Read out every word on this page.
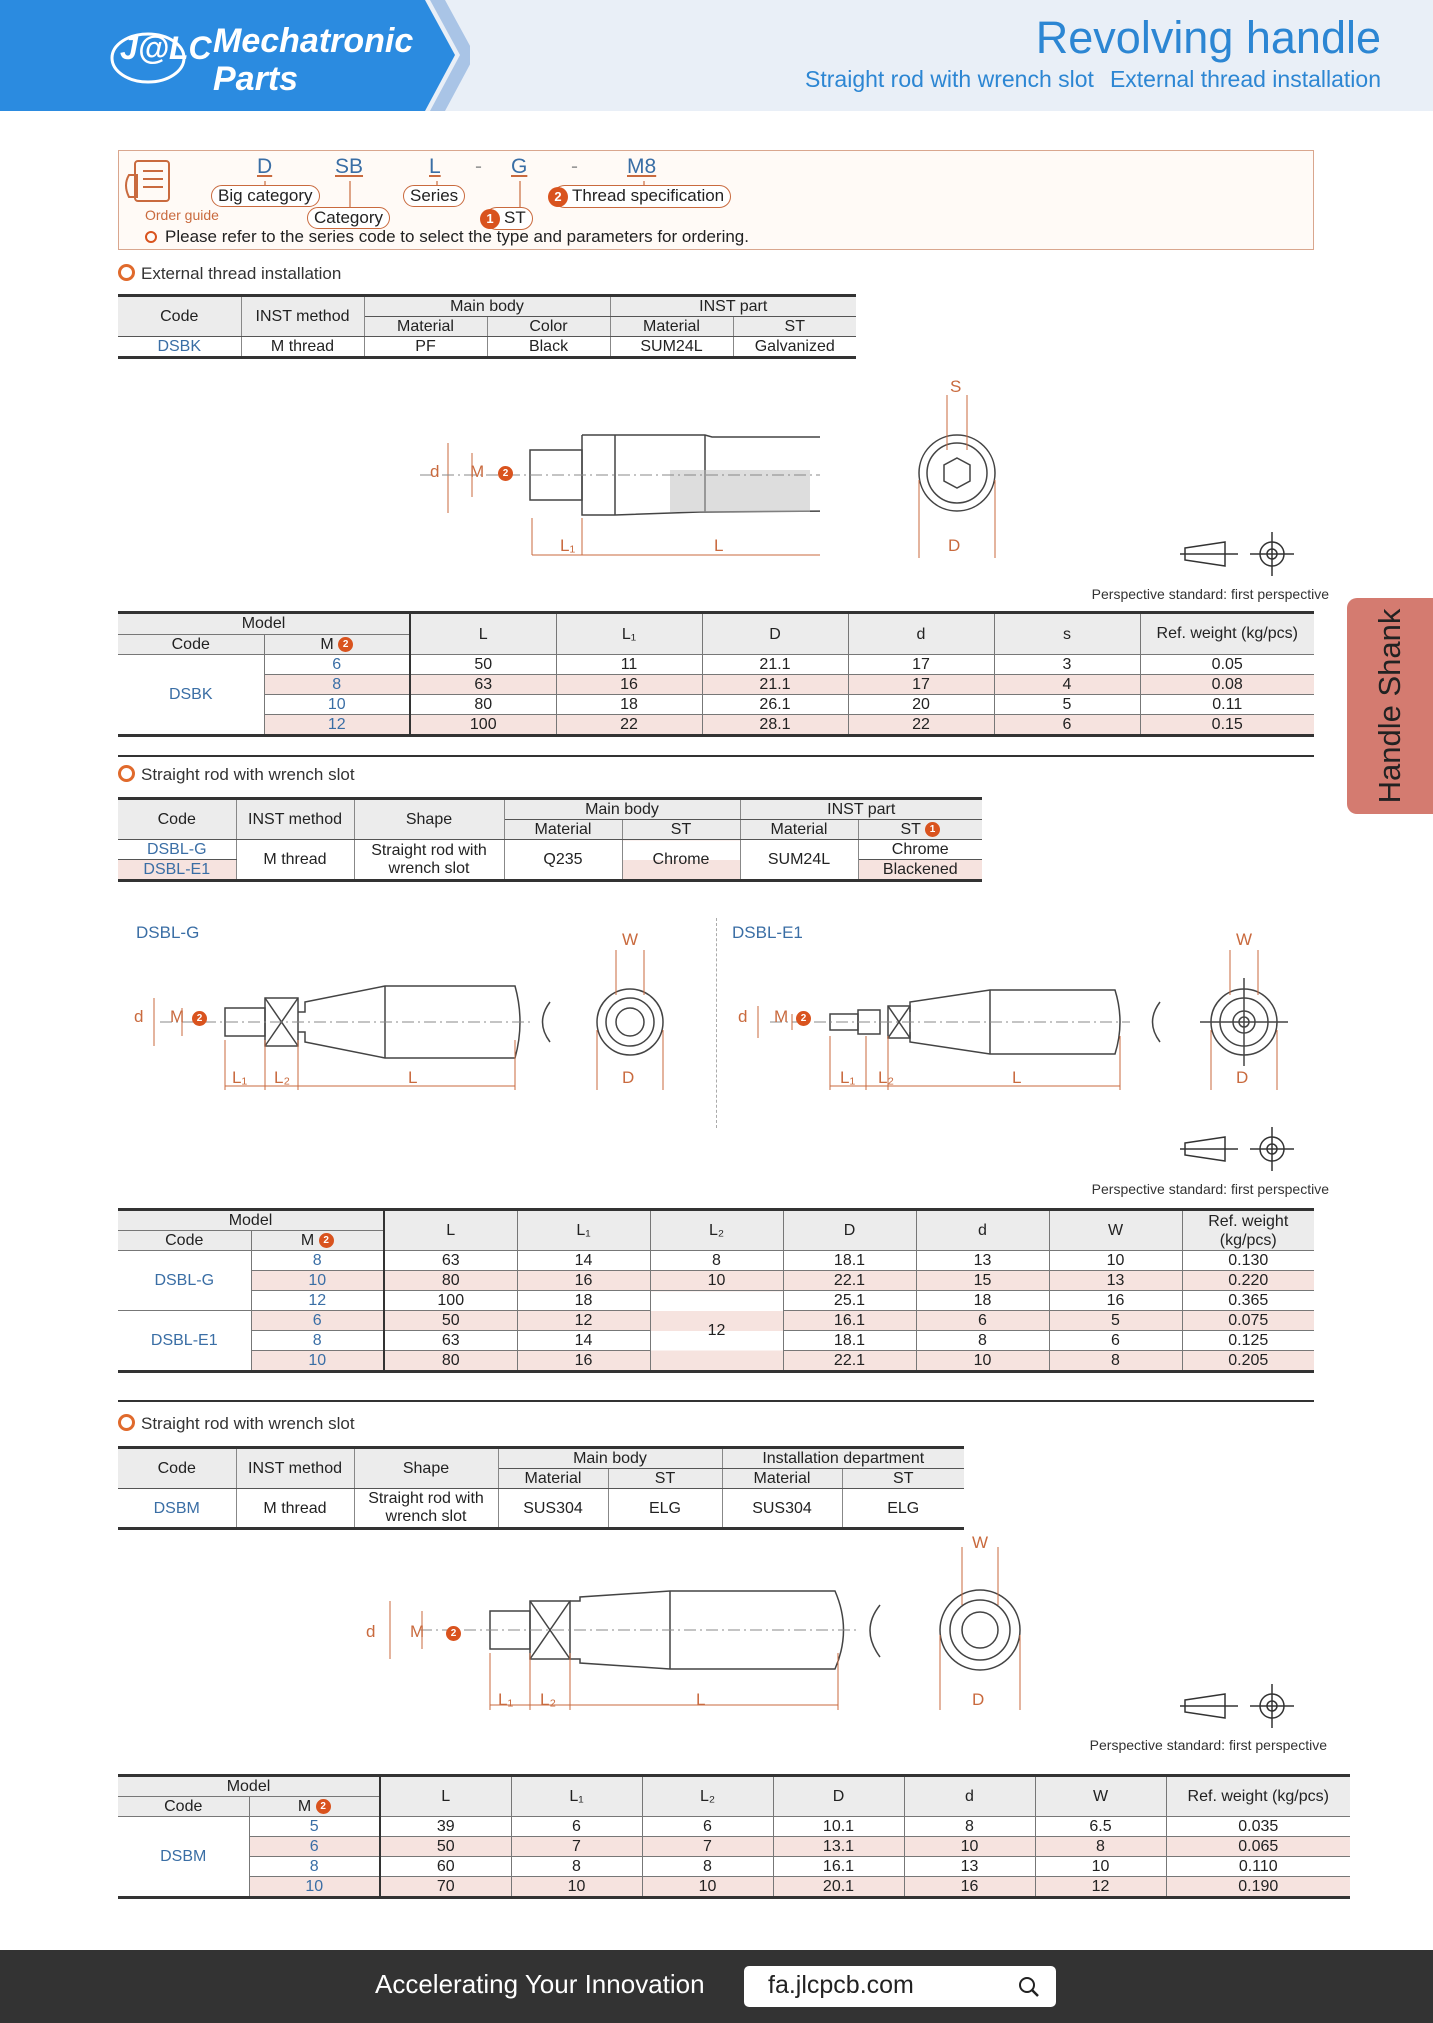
J@LC Mechatronic
Parts
Revolving handle
Straight rod with wrench slot External thread installation
Order guide
D	SB	L - G - M8
Big category
Category
Series
1 ST
2 Thread specification
Please refer to the series code to select the type and parameters for ordering.
Handle Shank
External thread installation
Code	INST method	Main body		INST part	
		Material	Color	Material	ST
DSBK	M thread	PF	Black	SUM24L	Galvanized
d M	2
L₁	L
S
D
Perspective standard: first perspective
Model		L	L₁	D	d	s	Ref. weight (kg/pcs)
Code	M 2						
DSBK	6	50	11	21.1	17	3	0.05
	8	63	16	21.1	17	4	0.08
	10	80	18	26.1	20	5	0.11
	12	100	22	28.1	22	6	0.15
Straight rod with wrench slot
Code	INST method	Shape	Main body		INST part	
			Material	ST	Material	ST 1
DSBL-G	M thread	Straight rod with wrench slot	Q235	Chrome	SUM24L	Chrome
DSBL-E1						Blackened
DSBL-G	DSBL-E1
d M	2
L₁ L₂	L
W
D
d M	2
L₁ L₂	L
W
D
Perspective standard: first perspective
Model		L	L₁	L₂	D	d	W	Ref. weight (kg/pcs)
Code	M 2							
DSBL-G	8	63	14	8	18.1	13	10	0.130
	10	80	16	10	22.1	15	13	0.220
	12	100	18	12	25.1	18	16	0.365
DSBL-E1	6	50	12		16.1	6	5	0.075
	8	63	14		18.1	8	6	0.125
	10	80	16		22.1	10	8	0.205
Straight rod with wrench slot
Code	INST method	Shape	Main body		Installation department	
			Material	ST	Material	ST
DSBM	M thread	Straight rod with wrench slot	SUS304	ELG	SUS304	ELG
d M	2
L₁ L₂	L
W
D
Perspective standard: first perspective
Model		L	L₁	L₂	D	d	W	Ref. weight (kg/pcs)
Code	M 2							
DSBM	5	39	6	6	10.1	8	6.5	0.035
	6	50	7	7	13.1	10	8	0.065
	8	60	8	8	16.1	13	10	0.110
	10	70	10	10	20.1	16	12	0.190
Accelerating Your Innovation	fa.jlcpcb.com
